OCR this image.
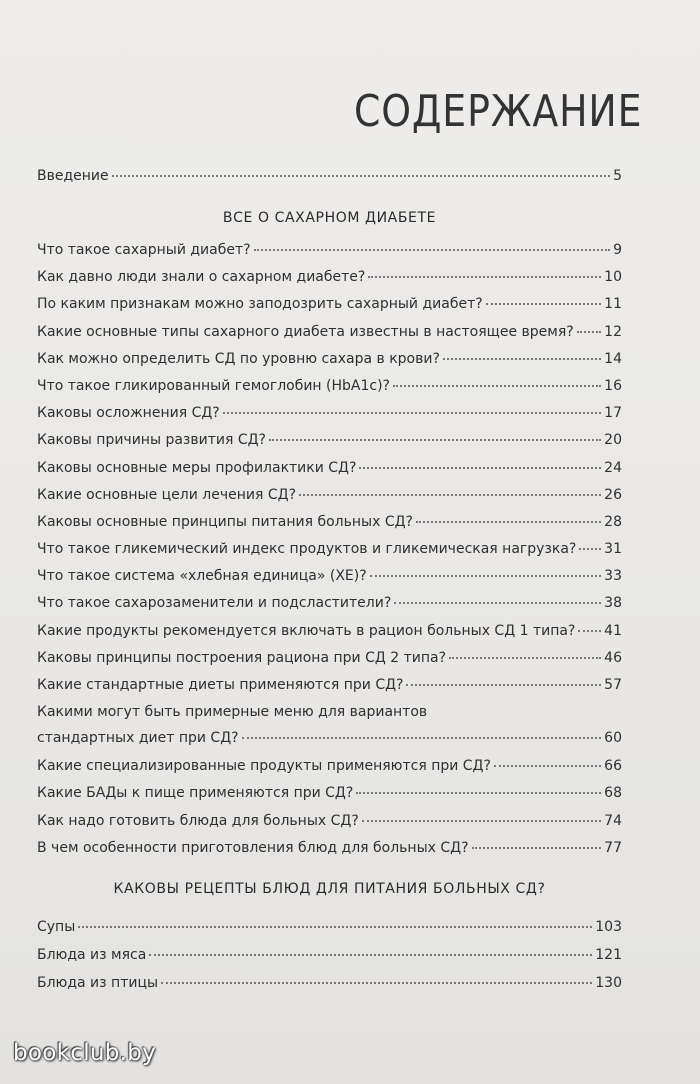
СОДЕРЖАНИЕ
Введение	5
ВСЕ О САХАРНОМ ДИАБЕТЕ
Что такое сахарный диабет?	9
Как давно люди знали о сахарном диабете?	10
По каким признакам можно заподозрить сахарный диабет?	11
Какие основные типы сахарного диабета известны в настоящее время? 12
Как можно определить СД по уровню сахара в крови?	14
Что такое гликированный гемоглобин (HbA1c)?	16
Каковы осложнения СД?	17
Каковы причины развития СД?	20
Каковы основные меры профилактики СД?	24
Какие основные цели лечения СД?	26
Каковы основные принципы питания больных СД?	28
Что такое гликемический индекс продуктов и гликемическая нагрузка? 31
Что такое система «хлебная единица» (ХЕ)?	33
Что такое сахарозаменители и подсластители?	38
Какие продукты рекомендуется включать в рацион больных СД 1 типа? 41
Каковы принципы построения рациона при СД 2 типа?	46
Какие стандартные диеты применяются при СД?	57
Какими могут быть примерные меню для вариантов
стандартных диет при СД?	60
Какие специализированные продукты применяются при СД?	66
Какие БАДы к пище применяются при СД?	68
Как надо готовить блюда для больных СД?	74
В чем особенности приготовления блюд для больных СД?	77
КАКОВЫ РЕЦЕПТЫ БЛЮД ДЛЯ ПИТАНИЯ БОЛЬНЫХ СД?
Супы	103
Блюда из мяса	121
Блюда из птицы	130
bookclub.by
